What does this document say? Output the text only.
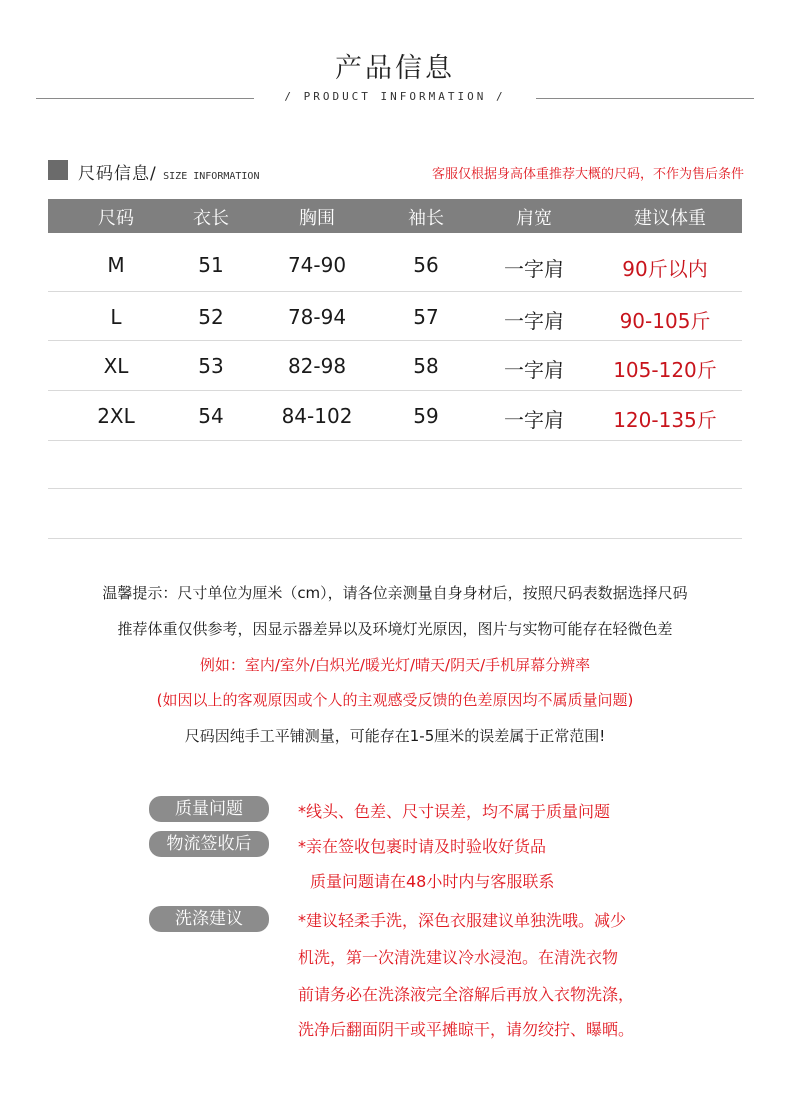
产品信息
/ PRODUCT INFORMATION /
尺码信息/ SIZE INFORMATION	客服仅根据身高体重推荐大概的尺码，不作为售后条件
尺码	衣长	胸围	袖长	肩宽	建议体重
M	51	74-90	56	一字肩	90斤以内
L	52	78-94	57	一字肩	90-105斤
XL	53	82-98	58	一字肩	105-120斤
2XL	54	84-102	59	一字肩	120-135斤
温馨提示：尺寸单位为厘米（cm），请各位亲测量自身身材后，按照尺码表数据选择尺码
推荐体重仅供参考，因显示器差异以及环境灯光原因，图片与实物可能存在轻微色差
例如：室内/室外/白炽光/暖光灯/晴天/阴天/手机屏幕分辨率
(如因以上的客观原因或个人的主观感受反馈的色差原因均不属质量问题)
尺码因纯手工平铺测量，可能存在1-5厘米的误差属于正常范围!
质量问题	*线头、色差、尺寸误差，均不属于质量问题
物流签收后	*亲在签收包裹时请及时验收好货品
质量问题请在48小时内与客服联系
洗涤建议	*建议轻柔手洗，深色衣服建议单独洗哦。减少
机洗，第一次清洗建议冷水浸泡。在清洗衣物
前请务必在洗涤液完全溶解后再放入衣物洗涤，
洗净后翻面阴干或平摊晾干，请勿绞拧、曝晒。
